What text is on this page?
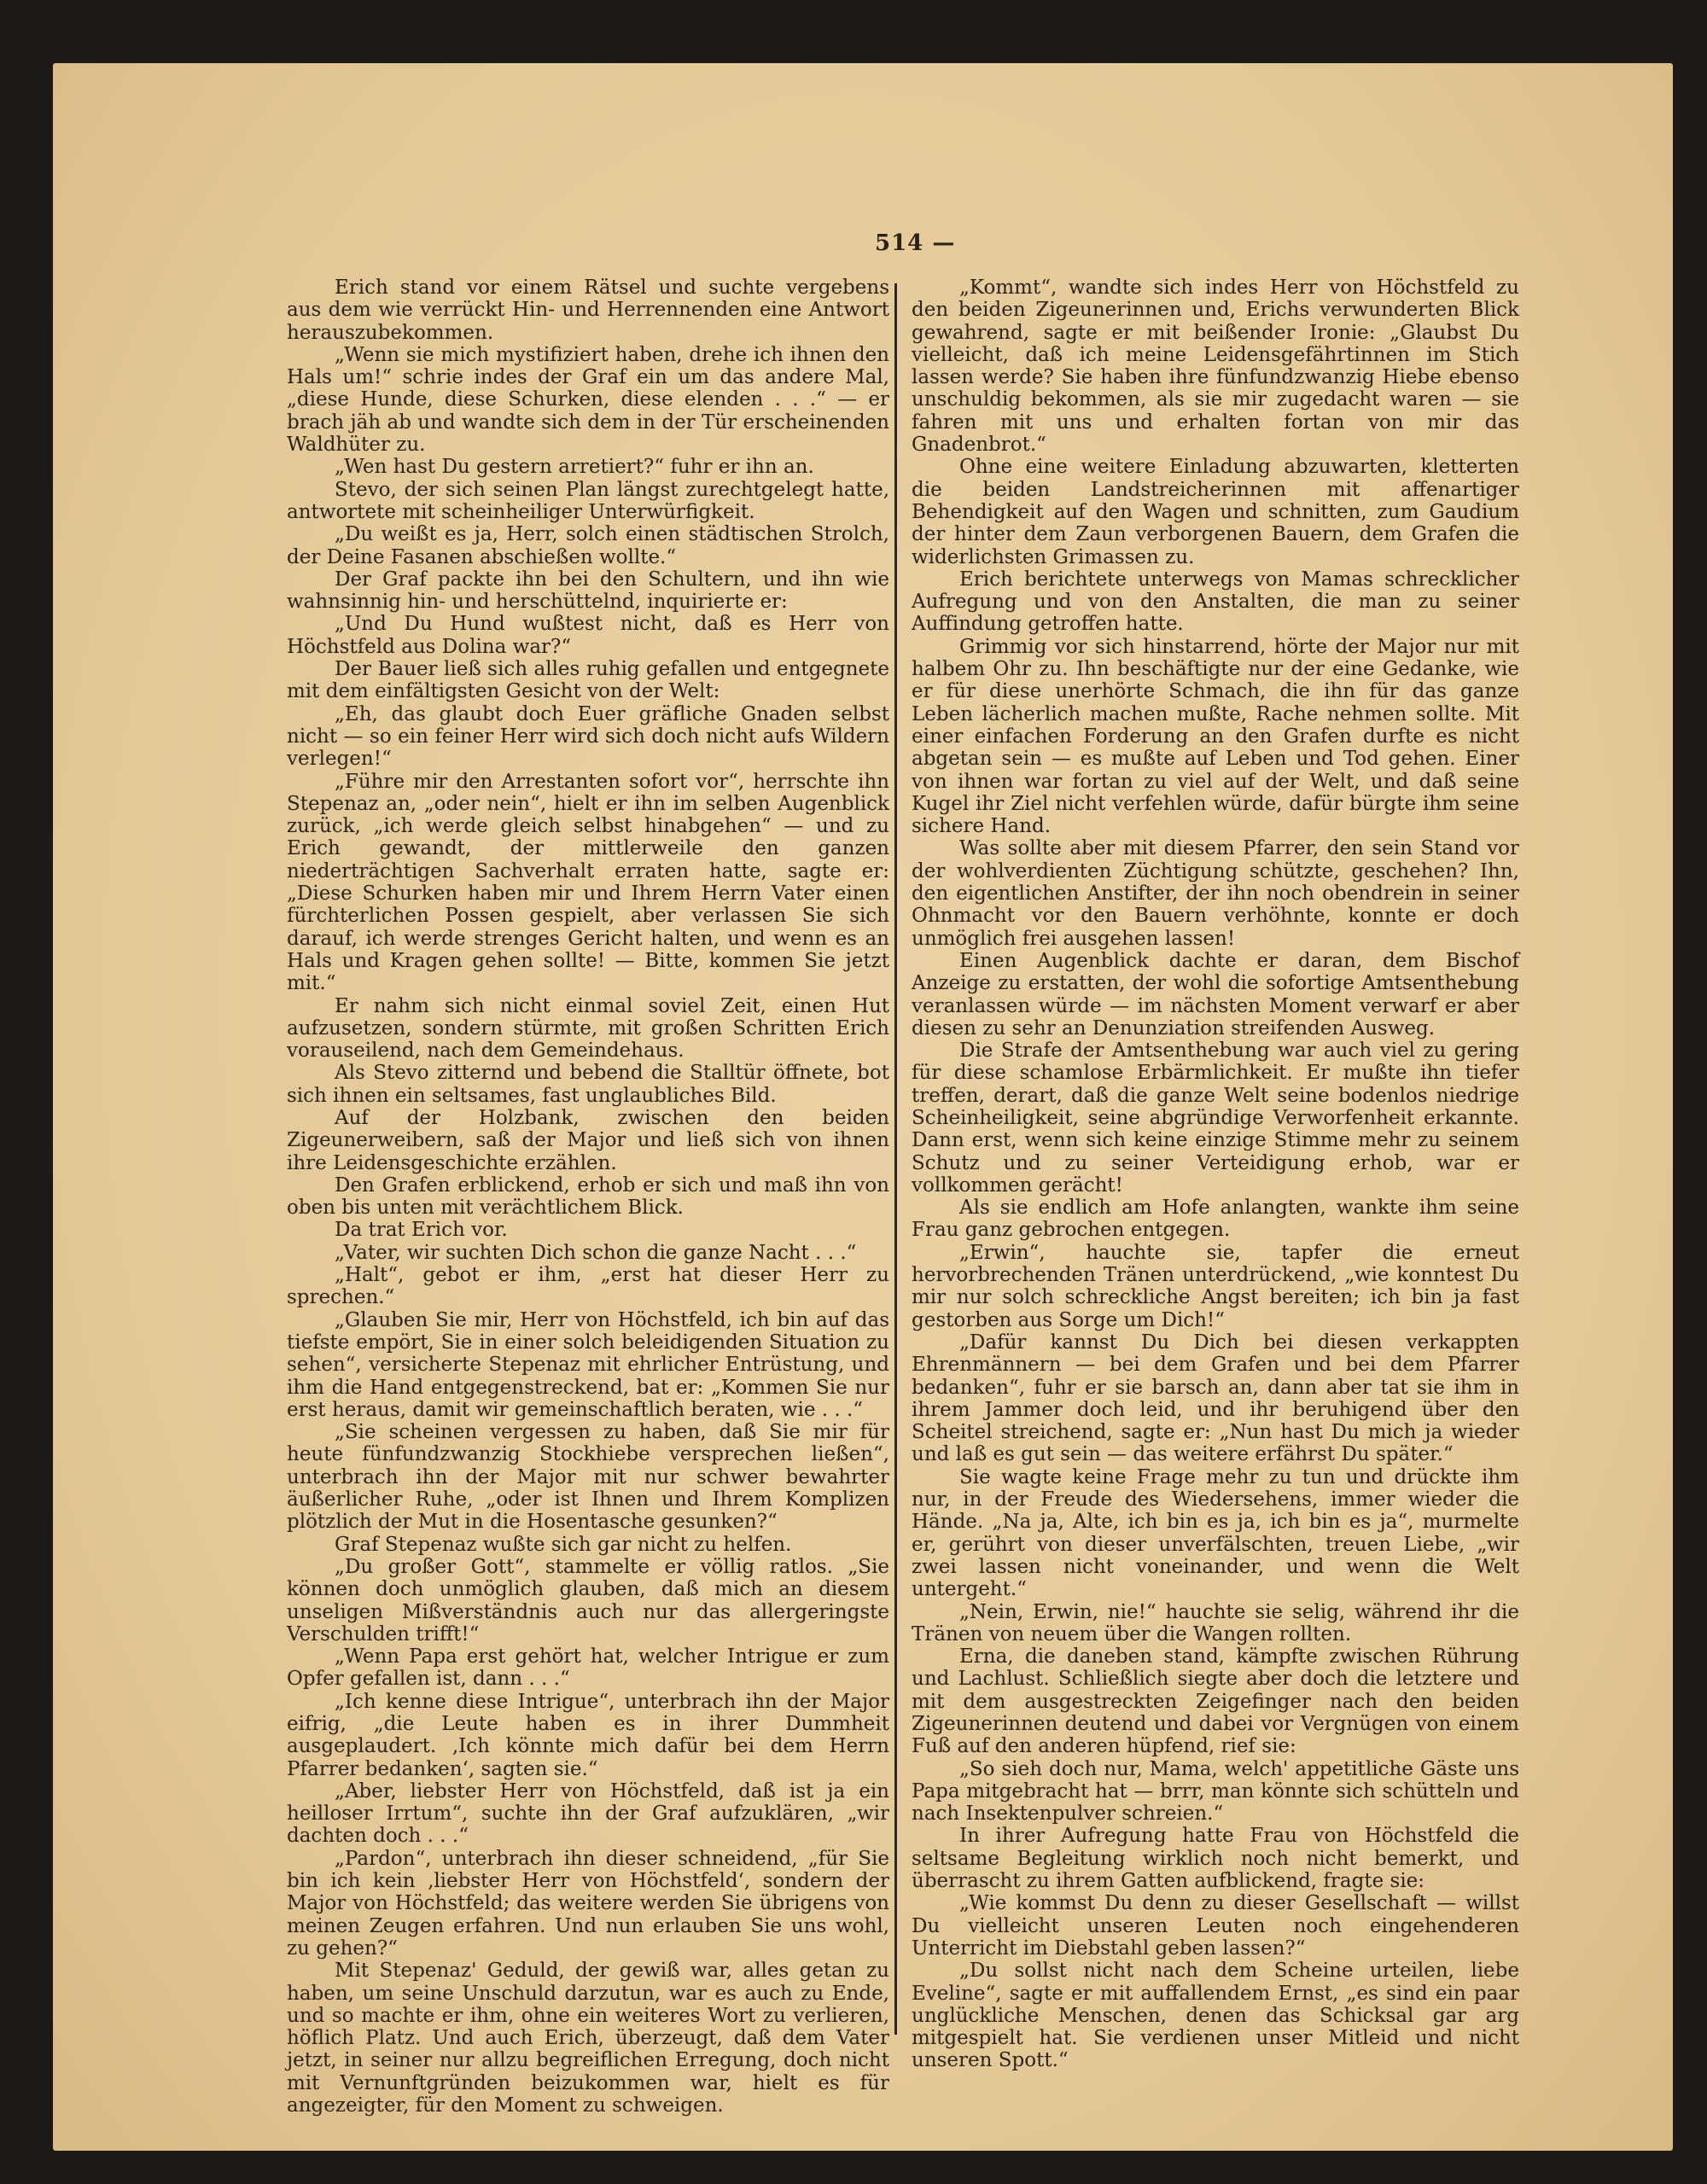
514 —

Erich stand vor einem Rätsel und suchte vergebens aus dem wie verrückt Hin- und Herrennenden eine Antwort herauszubekommen.

„Wenn sie mich mystifiziert haben, drehe ich ihnen den Hals um!“ schrie indes der Graf ein um das andere Mal, „diese Hunde, diese Schurken, diese elenden . . .“ — er brach jäh ab und wandte sich dem in der Tür erscheinenden Waldhüter zu.

„Wen hast Du gestern arretiert?“ fuhr er ihn an.

Stevo, der sich seinen Plan längst zurechtgelegt hatte, antwortete mit scheinheiliger Unterwürfigkeit.

„Du weißt es ja, Herr, solch einen städtischen Strolch, der Deine Fasanen abschießen wollte.“

Der Graf packte ihn bei den Schultern, und ihn wie wahnsinnig hin- und herschüttelnd, inquirierte er:

„Und Du Hund wußtest nicht, daß es Herr von Höchstfeld aus Dolina war?“

Der Bauer ließ sich alles ruhig gefallen und entgegnete mit dem einfältigsten Gesicht von der Welt:

„Eh, das glaubt doch Euer gräfliche Gnaden selbst nicht — so ein feiner Herr wird sich doch nicht aufs Wildern verlegen!“

„Führe mir den Arrestanten sofort vor“, herrschte ihn Stepenaz an, „oder nein“, hielt er ihn im selben Augenblick zurück, „ich werde gleich selbst hinabgehen“ — und zu Erich gewandt, der mittlerweile den ganzen niederträchtigen Sachverhalt erraten hatte, sagte er: „Diese Schurken haben mir und Ihrem Herrn Vater einen fürchterlichen Possen gespielt, aber verlassen Sie sich darauf, ich werde strenges Gericht halten, und wenn es an Hals und Kragen gehen sollte! — Bitte, kommen Sie jetzt mit.“

Er nahm sich nicht einmal soviel Zeit, einen Hut aufzusetzen, sondern stürmte, mit großen Schritten Erich vorauseilend, nach dem Gemeindehaus.

Als Stevo zitternd und bebend die Stalltür öffnete, bot sich ihnen ein seltsames, fast unglaubliches Bild.

Auf der Holzbank, zwischen den beiden Zigeunerweibern, saß der Major und ließ sich von ihnen ihre Leidensgeschichte erzählen.

Den Grafen erblickend, erhob er sich und maß ihn von oben bis unten mit verächtlichem Blick.

Da trat Erich vor.

„Vater, wir suchten Dich schon die ganze Nacht . . .“

„Halt“, gebot er ihm, „erst hat dieser Herr zu sprechen.“

„Glauben Sie mir, Herr von Höchstfeld, ich bin auf das tiefste empört, Sie in einer solch beleidigenden Situation zu sehen“, versicherte Stepenaz mit ehrlicher Entrüstung, und ihm die Hand entgegenstreckend, bat er: „Kommen Sie nur erst heraus, damit wir gemeinschaftlich beraten, wie . . .“

„Sie scheinen vergessen zu haben, daß Sie mir für heute fünfundzwanzig Stockhiebe versprechen ließen“, unterbrach ihn der Major mit nur schwer bewahrter äußerlicher Ruhe, „oder ist Ihnen und Ihrem Komplizen plötzlich der Mut in die Hosentasche gesunken?“

Graf Stepenaz wußte sich gar nicht zu helfen.

„Du großer Gott“, stammelte er völlig ratlos. „Sie können doch unmöglich glauben, daß mich an diesem unseligen Mißverständnis auch nur das allergeringste Verschulden trifft!“

„Wenn Papa erst gehört hat, welcher Intrigue er zum Opfer gefallen ist, dann . . .“

„Ich kenne diese Intrigue“, unterbrach ihn der Major eifrig, „die Leute haben es in ihrer Dummheit ausgeplaudert. ‚Ich könnte mich dafür bei dem Herrn Pfarrer bedanken‘, sagten sie.“

„Aber, liebster Herr von Höchstfeld, daß ist ja ein heilloser Irrtum“, suchte ihn der Graf aufzuklären, „wir dachten doch . . .“

„Pardon“, unterbrach ihn dieser schneidend, „für Sie bin ich kein ‚liebster Herr von Höchstfeld‘, sondern der Major von Höchstfeld; das weitere werden Sie übrigens von meinen Zeugen erfahren. Und nun erlauben Sie uns wohl, zu gehen?“

Mit Stepenaz' Geduld, der gewiß war, alles getan zu haben, um seine Unschuld darzutun, war es auch zu Ende, und so machte er ihm, ohne ein weiteres Wort zu verlieren, höflich Platz. Und auch Erich, überzeugt, daß dem Vater jetzt, in seiner nur allzu begreiflichen Erregung, doch nicht mit Vernunftgründen beizukommen war, hielt es für angezeigter, für den Moment zu schweigen.

„Kommt“, wandte sich indes Herr von Höchstfeld zu den beiden Zigeunerinnen und, Erichs verwunderten Blick gewahrend, sagte er mit beißender Ironie: „Glaubst Du vielleicht, daß ich meine Leidensgefährtinnen im Stich lassen werde? Sie haben ihre fünfundzwanzig Hiebe ebenso unschuldig bekommen, als sie mir zugedacht waren — sie fahren mit uns und erhalten fortan von mir das Gnadenbrot.“

Ohne eine weitere Einladung abzuwarten, kletterten die beiden Landstreicherinnen mit affenartiger Behendigkeit auf den Wagen und schnitten, zum Gaudium der hinter dem Zaun verborgenen Bauern, dem Grafen die widerlichsten Grimassen zu.

Erich berichtete unterwegs von Mamas schrecklicher Aufregung und von den Anstalten, die man zu seiner Auffindung getroffen hatte.

Grimmig vor sich hinstarrend, hörte der Major nur mit halbem Ohr zu. Ihn beschäftigte nur der eine Gedanke, wie er für diese unerhörte Schmach, die ihn für das ganze Leben lächerlich machen mußte, Rache nehmen sollte. Mit einer einfachen Forderung an den Grafen durfte es nicht abgetan sein — es mußte auf Leben und Tod gehen. Einer von ihnen war fortan zu viel auf der Welt, und daß seine Kugel ihr Ziel nicht verfehlen würde, dafür bürgte ihm seine sichere Hand.

Was sollte aber mit diesem Pfarrer, den sein Stand vor der wohlverdienten Züchtigung schützte, geschehen? Ihn, den eigentlichen Anstifter, der ihn noch obendrein in seiner Ohnmacht vor den Bauern verhöhnte, konnte er doch unmöglich frei ausgehen lassen!

Einen Augenblick dachte er daran, dem Bischof Anzeige zu erstatten, der wohl die sofortige Amtsenthebung veranlassen würde — im nächsten Moment verwarf er aber diesen zu sehr an Denunziation streifenden Ausweg.

Die Strafe der Amtsenthebung war auch viel zu gering für diese schamlose Erbärmlichkeit. Er mußte ihn tiefer treffen, derart, daß die ganze Welt seine bodenlos niedrige Scheinheiligkeit, seine abgründige Verworfenheit erkannte. Dann erst, wenn sich keine einzige Stimme mehr zu seinem Schutz und zu seiner Verteidigung erhob, war er vollkommen gerächt!

Als sie endlich am Hofe anlangten, wankte ihm seine Frau ganz gebrochen entgegen.

„Erwin“, hauchte sie, tapfer die erneut hervorbrechenden Tränen unterdrückend, „wie konntest Du mir nur solch schreckliche Angst bereiten; ich bin ja fast gestorben aus Sorge um Dich!“

„Dafür kannst Du Dich bei diesen verkappten Ehrenmännern — bei dem Grafen und bei dem Pfarrer bedanken“, fuhr er sie barsch an, dann aber tat sie ihm in ihrem Jammer doch leid, und ihr beruhigend über den Scheitel streichend, sagte er: „Nun hast Du mich ja wieder und laß es gut sein — das weitere erfährst Du später.“

Sie wagte keine Frage mehr zu tun und drückte ihm nur, in der Freude des Wiedersehens, immer wieder die Hände. „Na ja, Alte, ich bin es ja, ich bin es ja“, murmelte er, gerührt von dieser unverfälschten, treuen Liebe, „wir zwei lassen nicht voneinander, und wenn die Welt untergeht.“

„Nein, Erwin, nie!“ hauchte sie selig, während ihr die Tränen von neuem über die Wangen rollten.

Erna, die daneben stand, kämpfte zwischen Rührung und Lachlust. Schließlich siegte aber doch die letztere und mit dem ausgestreckten Zeigefinger nach den beiden Zigeunerinnen deutend und dabei vor Vergnügen von einem Fuß auf den anderen hüpfend, rief sie:

„So sieh doch nur, Mama, welch' appetitliche Gäste uns Papa mitgebracht hat — brrr, man könnte sich schütteln und nach Insektenpulver schreien.“

In ihrer Aufregung hatte Frau von Höchstfeld die seltsame Begleitung wirklich noch nicht bemerkt, und überrascht zu ihrem Gatten aufblickend, fragte sie:

„Wie kommst Du denn zu dieser Gesellschaft — willst Du vielleicht unseren Leuten noch eingehenderen Unterricht im Diebstahl geben lassen?“

„Du sollst nicht nach dem Scheine urteilen, liebe Eveline“, sagte er mit auffallendem Ernst, „es sind ein paar unglückliche Menschen, denen das Schicksal gar arg mitgespielt hat. Sie verdienen unser Mitleid und nicht unseren Spott.“
